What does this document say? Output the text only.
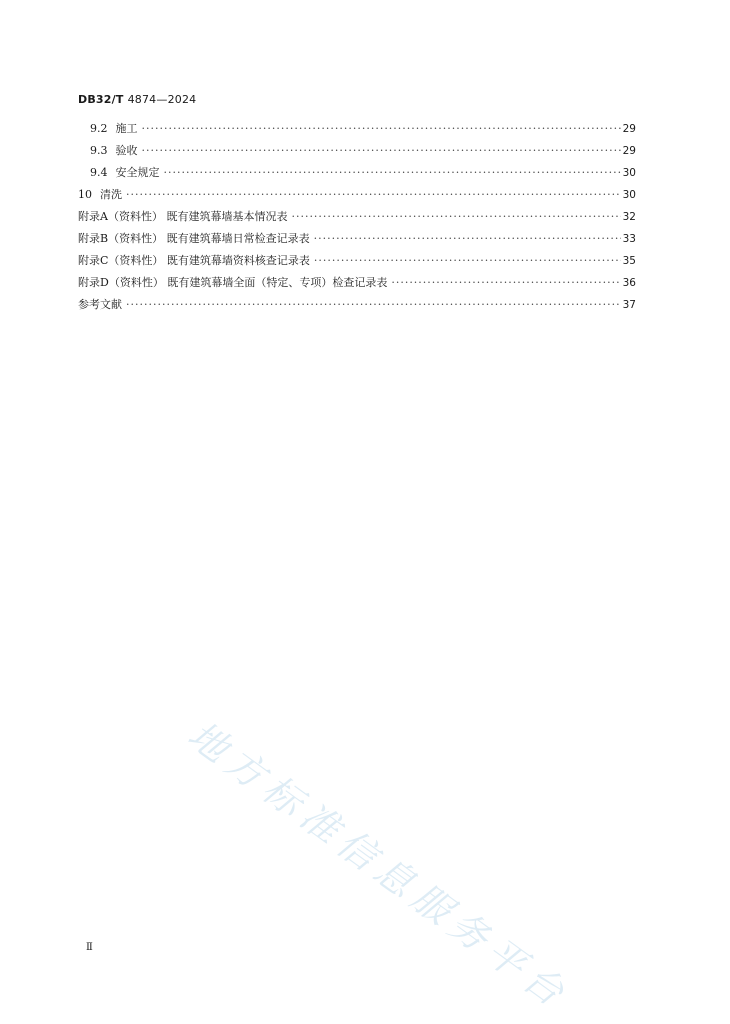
DB32/T 4874—2024
9.2 施工 ·····	29
9.3 验收 ·····	29
9.4 安全规定 ·····	30
10 清洗 ·····	30
附录A（资料性） 既有建筑幕墙基本情况表 ·····	32
附录B（资料性） 既有建筑幕墙日常检查记录表 ·····	33
附录C（资料性） 既有建筑幕墙资料核查记录表 ·····	35
附录D（资料性） 既有建筑幕墙全面（特定、专项）检查记录表 ·····	36
参考文献 ·····	37
地方标准信息服务平台
Ⅱ
